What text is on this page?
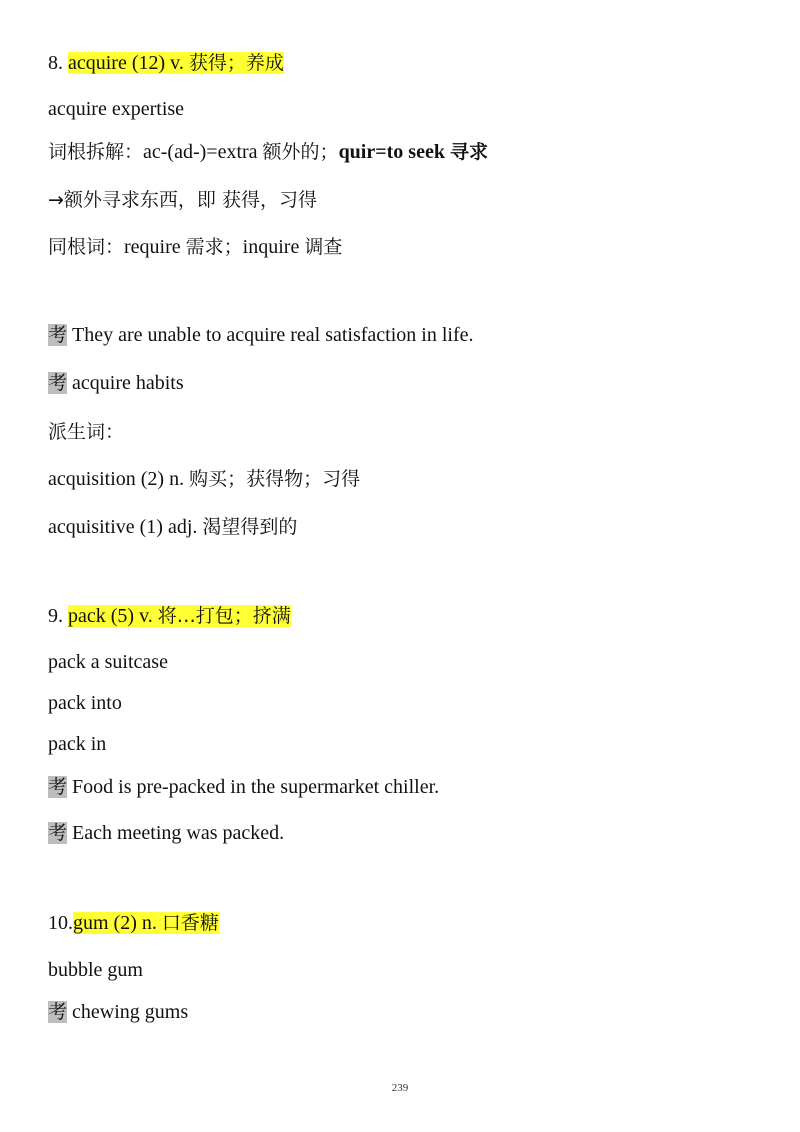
8. acquire (12) v. 获得；养成
acquire expertise
词根拆解：ac-(ad-)=extra 额外的；quir=to seek 寻求
→额外寻求东西，即 获得，习得
同根词：require 需求；inquire 调查
考 They are unable to acquire real satisfaction in life.
考 acquire habits
派生词：
acquisition (2) n. 购买；获得物；习得
acquisitive (1) adj. 渴望得到的
9. pack (5) v. 将…打包；挤满
pack a suitcase
pack into
pack in
考 Food is pre-packed in the supermarket chiller.
考 Each meeting was packed.
10.gum (2) n. 口香糖
bubble gum
考 chewing gums
239
